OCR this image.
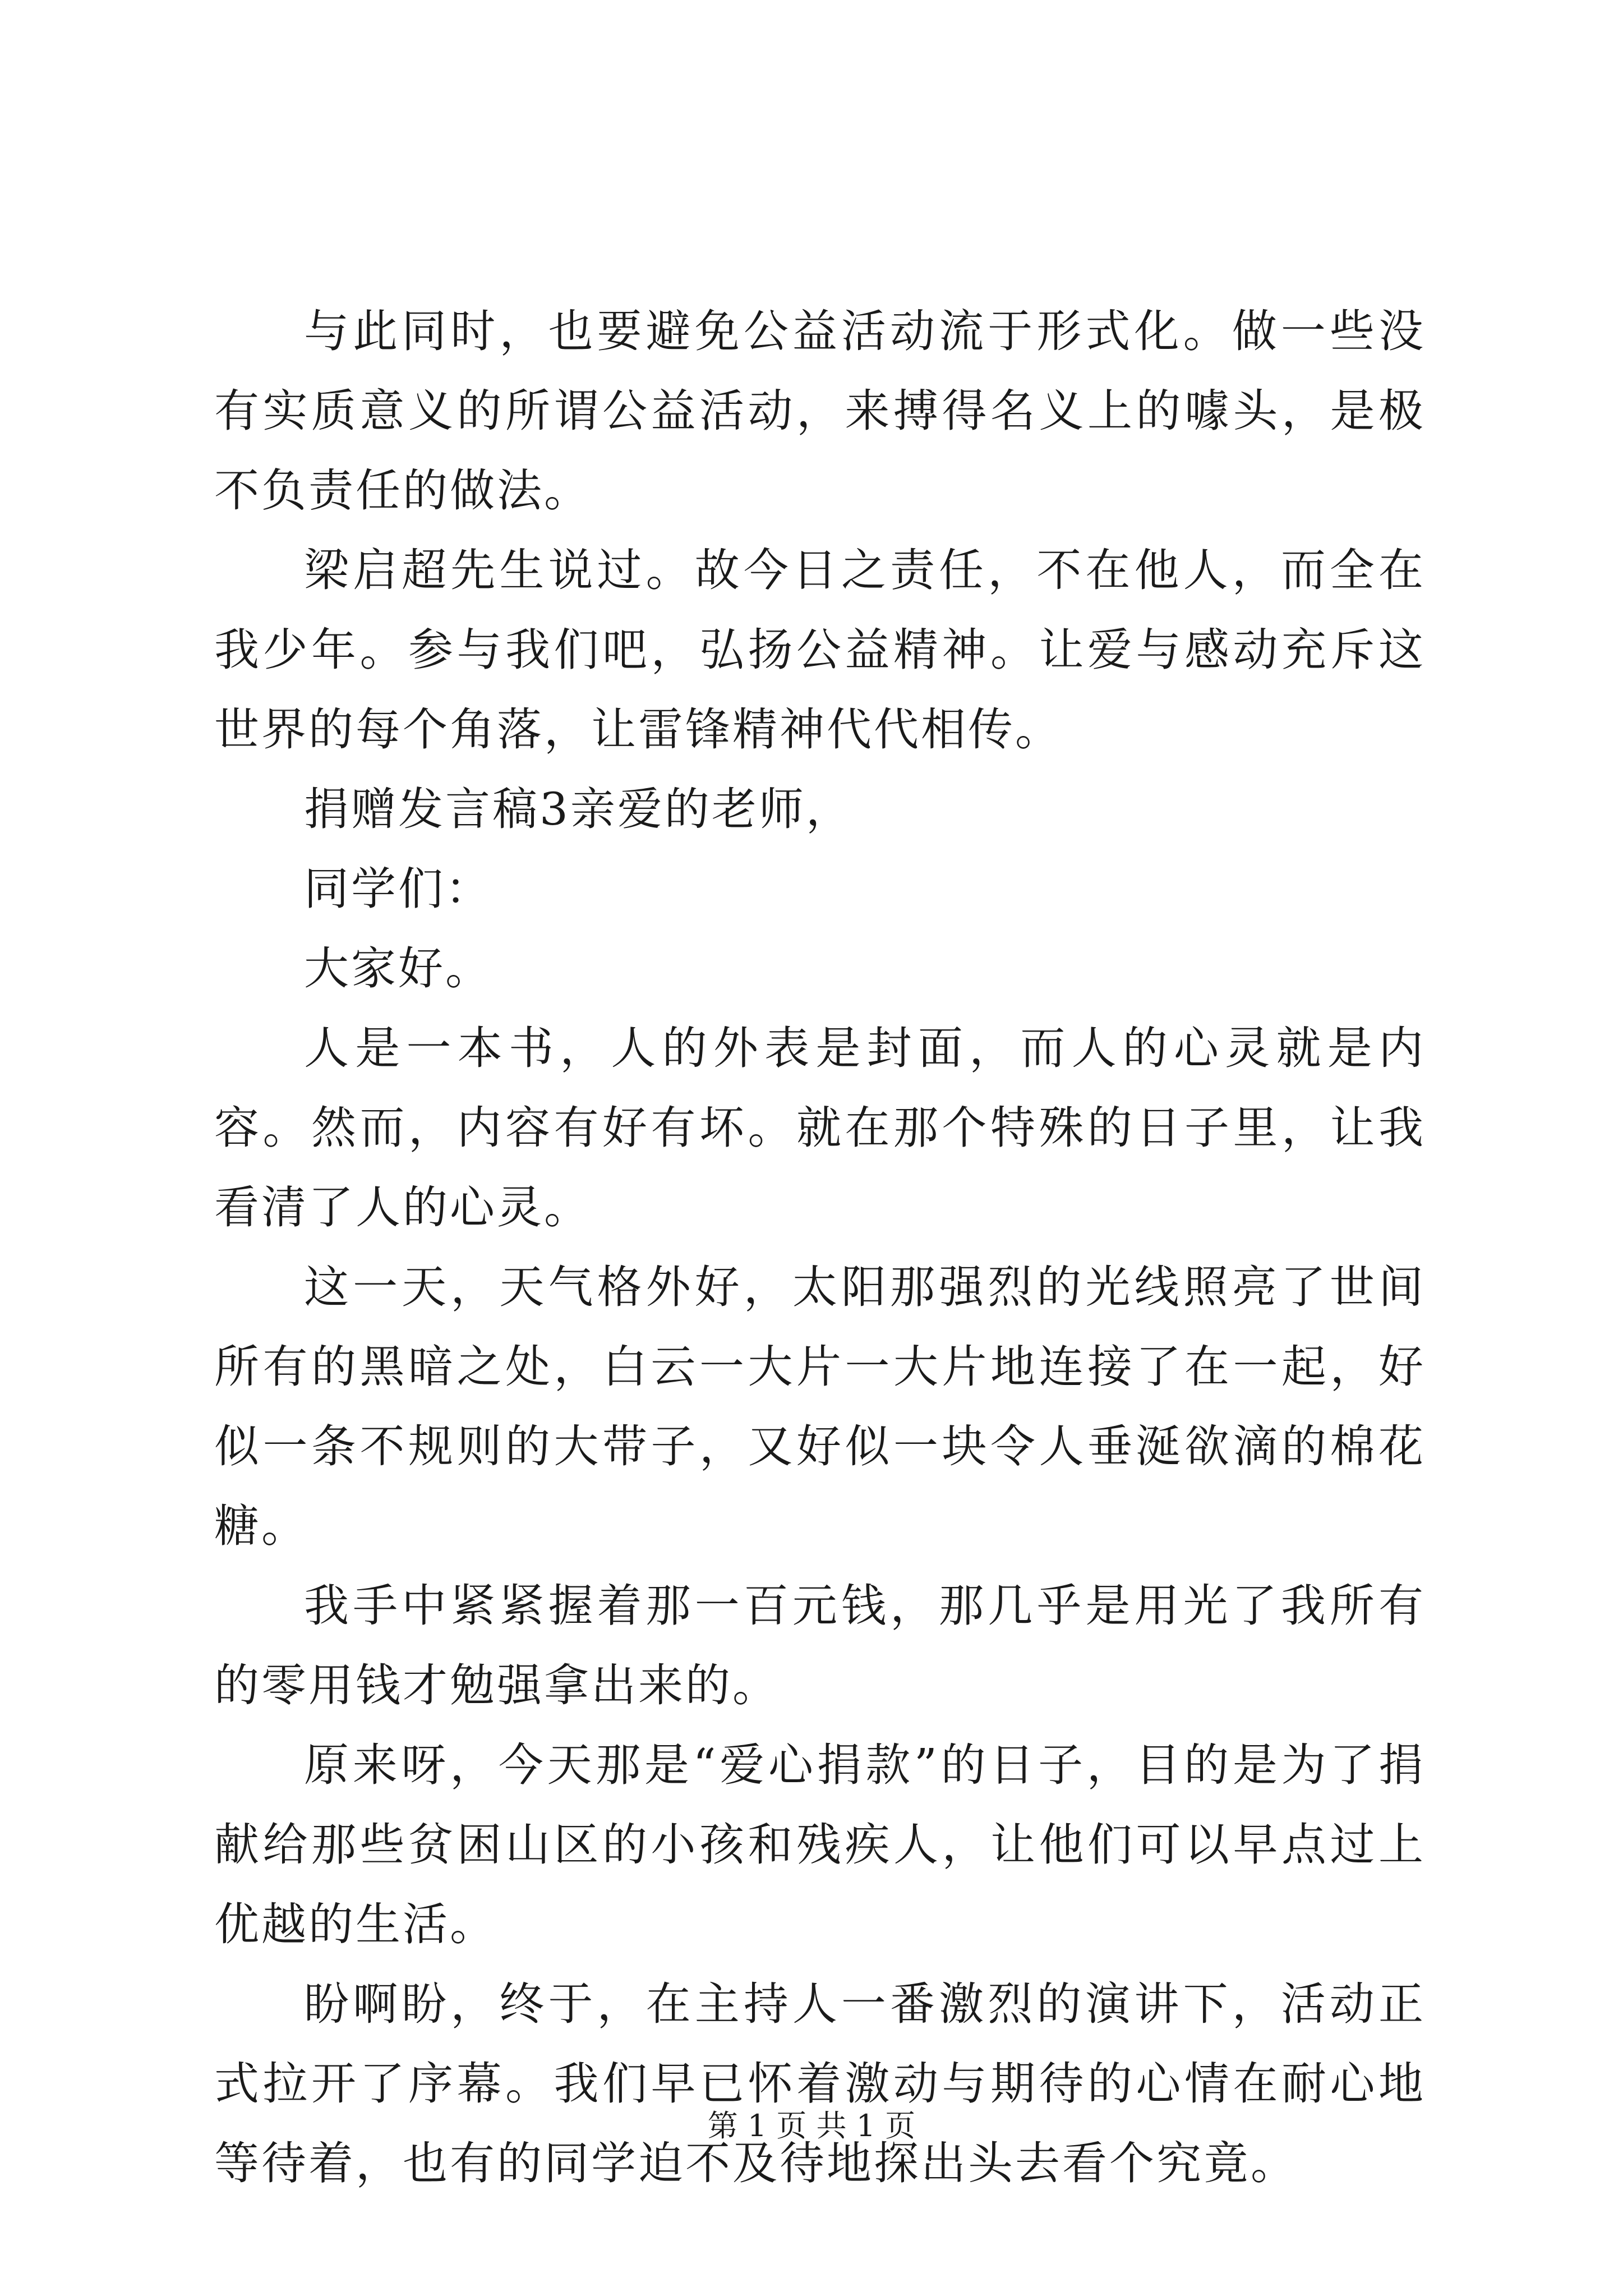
与此同时，也要避免公益活动流于形式化。做一些没有实质意义的所谓公益活动，来搏得名义上的噱头，是极不负责任的做法。

梁启超先生说过。故今日之责任，不在他人，而全在我少年。参与我们吧，弘扬公益精神。让爱与感动充斥这世界的每个角落，让雷锋精神代代相传。

捐赠发言稿3亲爱的老师，

同学们：

大家好。

人是一本书，人的外表是封面，而人的心灵就是内容。然而，内容有好有坏。就在那个特殊的日子里，让我看清了人的心灵。

这一天，天气格外好，太阳那强烈的光线照亮了世间所有的黑暗之处，白云一大片一大片地连接了在一起，好似一条不规则的大带子，又好似一块令人垂涎欲滴的棉花糖。

我手中紧紧握着那一百元钱，那几乎是用光了我所有的零用钱才勉强拿出来的。

原来呀，今天那是“爱心捐款”的日子，目的是为了捐献给那些贫困山区的小孩和残疾人，让他们可以早点过上优越的生活。

盼啊盼，终于，在主持人一番激烈的演讲下，活动正式拉开了序幕。我们早已怀着激动与期待的心情在耐心地等待着，也有的同学迫不及待地探出头去看个究竟。

第 1 页 共 1 页
